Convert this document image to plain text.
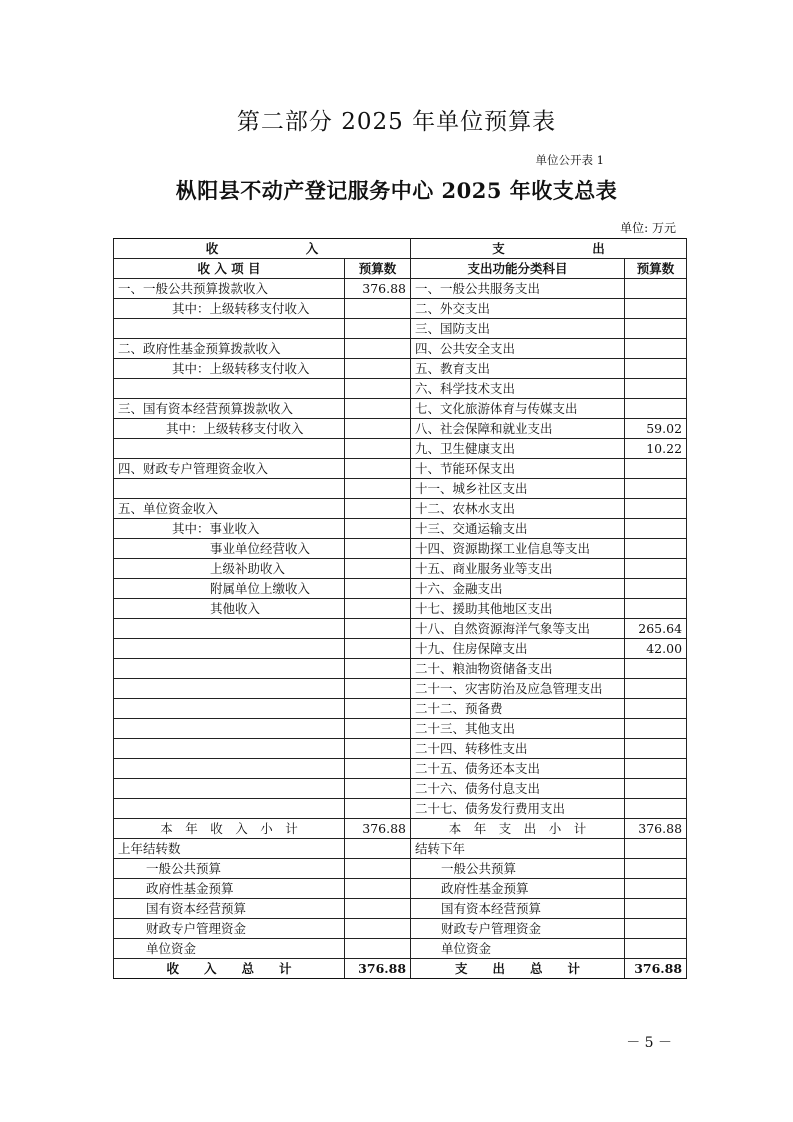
第二部分 2025 年单位预算表
单位公开表 1
枞阳县不动产登记服务中心 2025 年收支总表
单位: 万元
收　　　　　　　入		支　　　　　　　出	
收 入 项 目	预算数	支出功能分类科目	预算数
一、一般公共预算拨款收入	376.88	一、一般公共服务支出	
其中：上级转移支付收入		二、外交支出	
		三、国防支出	
二、政府性基金预算拨款收入		四、公共安全支出	
其中：上级转移支付收入		五、教育支出	
		六、科学技术支出	
三、国有资本经营预算拨款收入		七、文化旅游体育与传媒支出	
其中：上级转移支付收入		八、社会保障和就业支出	59.02
		九、卫生健康支出	10.22
四、财政专户管理资金收入		十、节能环保支出	
		十一、城乡社区支出	
五、单位资金收入		十二、农林水支出	
其中：事业收入		十三、交通运输支出	
事业单位经营收入		十四、资源勘探工业信息等支出	
上级补助收入		十五、商业服务业等支出	
附属单位上缴收入		十六、金融支出	
其他收入		十七、援助其他地区支出	
		十八、自然资源海洋气象等支出	265.64
		十九、住房保障支出	42.00
		二十、粮油物资储备支出	
		二十一、灾害防治及应急管理支出	
		二十二、预备费	
		二十三、其他支出	
		二十四、转移性支出	
		二十五、债务还本支出	
		二十六、债务付息支出	
		二十七、债务发行费用支出	
本　年　收　入　小　计	376.88	本　年　支　出　小　计	376.88
上年结转数		结转下年	
一般公共预算		一般公共预算	
政府性基金预算		政府性基金预算	
国有资本经营预算		国有资本经营预算	
财政专户管理资金		财政专户管理资金	
单位资金		单位资金	
收　　入　　总　　计	376.88	支　　出　　总　　计	376.88
－ 5 －
